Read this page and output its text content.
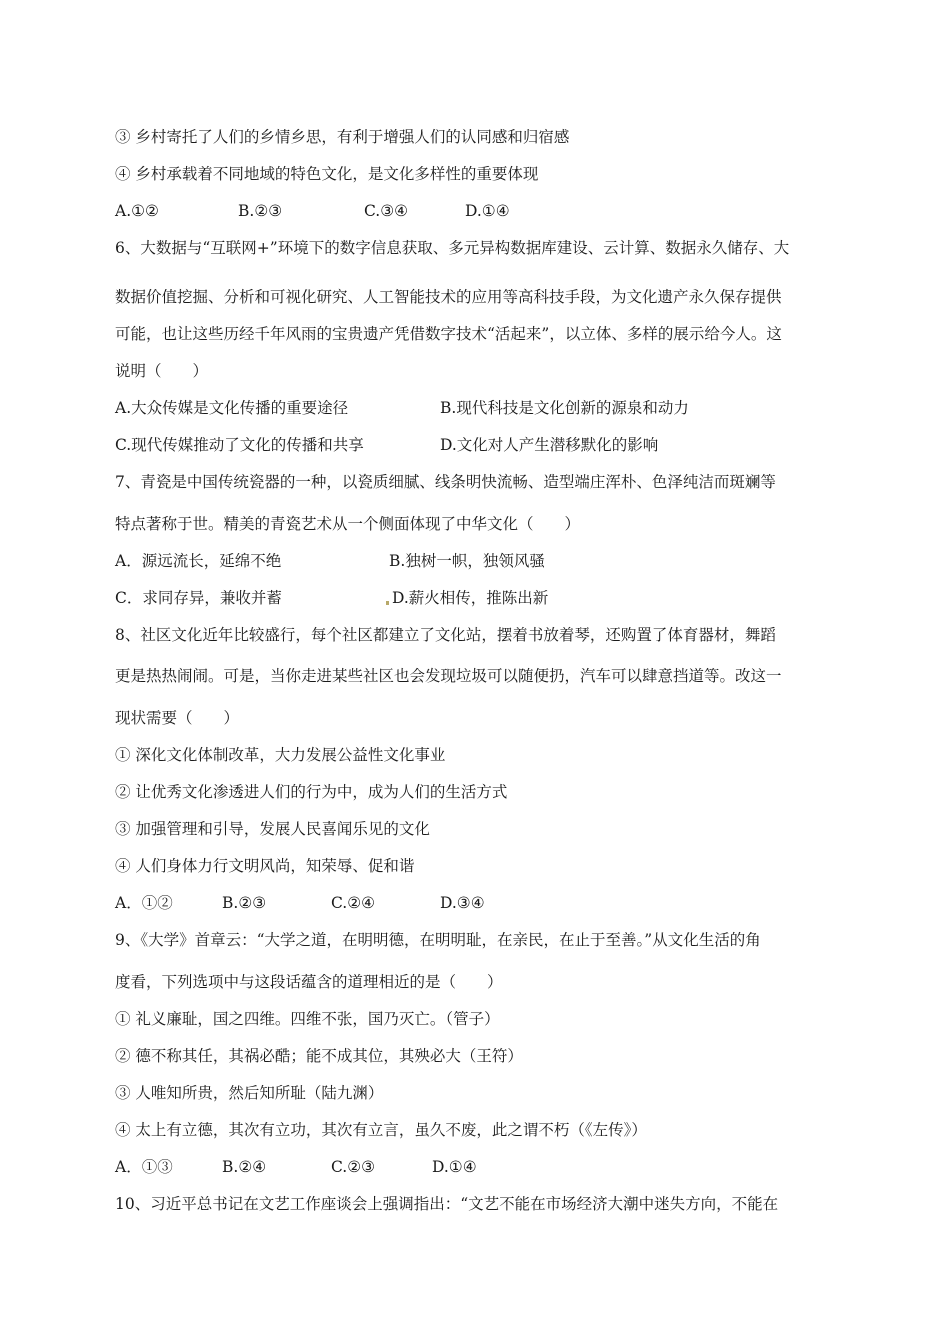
③ 乡村寄托了人们的乡情乡思，有利于增强人们的认同感和归宿感
④ 乡村承载着不同地域的特色文化，是文化多样性的重要体现
A.①②	B.②③	C.③④	D.①④
6、大数据与“互联网+”环境下的数字信息获取、多元异构数据库建设、云计算、数据永久储存、大
数据价值挖掘、分析和可视化研究、人工智能技术的应用等高科技手段，为文化遗产永久保存提供
可能，也让这些历经千年风雨的宝贵遗产凭借数字技术“活起来”，以立体、多样的展示给今人。这
说明（　　）
A.大众传媒是文化传播的重要途径	B.现代科技是文化创新的源泉和动力
C.现代传媒推动了文化的传播和共享	D.文化对人产生潜移默化的影响
7、青瓷是中国传统瓷器的一种，以瓷质细腻、线条明快流畅、造型端庄浑朴、色泽纯洁而斑斓等
特点著称于世。精美的青瓷艺术从一个侧面体现了中华文化（　　）
A．源远流长，延绵不绝	B.独树一帜，独领风骚
C．求同存异，兼收并蓄	D.薪火相传，推陈出新
8、社区文化近年比较盛行，每个社区都建立了文化站，摆着书放着琴，还购置了体育器材，舞蹈
更是热热闹闹。可是，当你走进某些社区也会发现垃圾可以随便扔，汽车可以肆意挡道等。改这一
现状需要（　　）
① 深化文化体制改革，大力发展公益性文化事业
② 让优秀文化渗透进人们的行为中，成为人们的生活方式
③ 加强管理和引导，发展人民喜闻乐见的文化
④ 人们身体力行文明风尚，知荣辱、促和谐
A．①②	B.②③	C.②④	D.③④
9、《大学》首章云：“大学之道，在明明德，在明明耻，在亲民，在止于至善。”从文化生活的角
度看，下列选项中与这段话蕴含的道理相近的是（　　）
① 礼义廉耻，国之四维。四维不张，国乃灭亡。（管子）
② 德不称其任，其祸必酷；能不成其位，其殃必大（王符）
③ 人唯知所贵，然后知所耻（陆九渊）
④ 太上有立德，其次有立功，其次有立言，虽久不废，此之谓不朽（《左传》）
A．①③	B.②④	C.②③	D.①④
10、习近平总书记在文艺工作座谈会上强调指出：“文艺不能在市场经济大潮中迷失方向，不能在
